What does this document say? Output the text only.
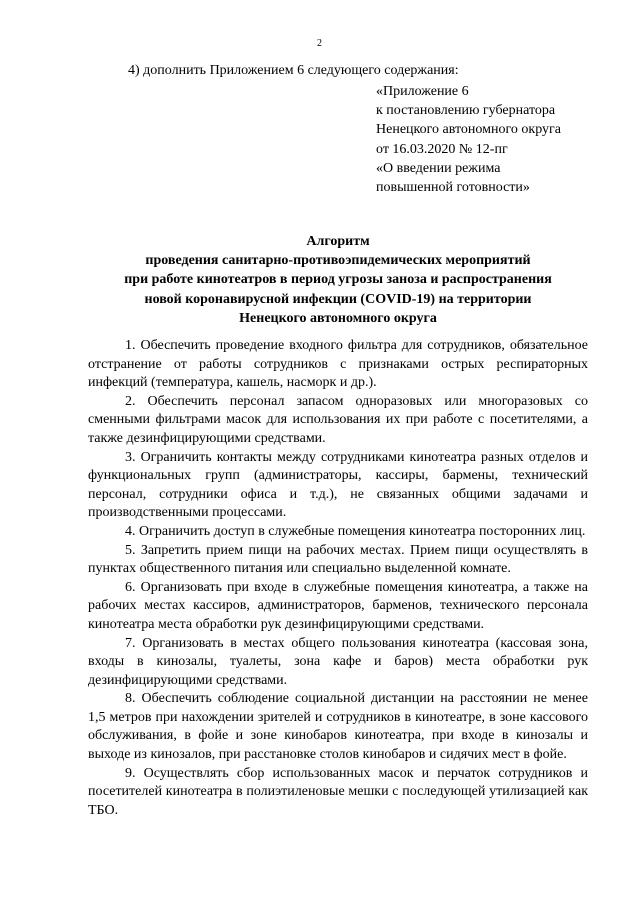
2
4) дополнить Приложением 6 следующего содержания:
«Приложение 6
к постановлению губернатора
Ненецкого автономного округа
от 16.03.2020 № 12-пг
«О введении режима
повышенной готовности»
Алгоритм
проведения санитарно-противоэпидемических мероприятий
при работе кинотеатров в период угрозы заноза и распространения
новой коронавирусной инфекции (COVID-19) на территории
Ненецкого автономного округа

1. Обеспечить проведение входного фильтра для сотрудников, обязательное отстранение от работы сотрудников с признаками острых респираторных инфекций (температура, кашель, насморк и др.).

2. Обеспечить персонал запасом одноразовых или многоразовых со сменными фильтрами масок для использования их при работе с посетителями, а также дезинфицирующими средствами.

3. Ограничить контакты между сотрудниками кинотеатра разных отделов и функциональных групп (администраторы, кассиры, бармены, технический персонал, сотрудники офиса и т.д.), не связанных общими задачами и производственными процессами.

4. Ограничить доступ в служебные помещения кинотеатра посторонних лиц.

5. Запретить прием пищи на рабочих местах. Прием пищи осуществлять в пунктах общественного питания или специально выделенной комнате.

6. Организовать при входе в служебные помещения кинотеатра, а также на рабочих местах кассиров, администраторов, барменов, технического персонала кинотеатра места обработки рук дезинфицирующими средствами.

7. Организовать в местах общего пользования кинотеатра (кассовая зона, входы в кинозалы, туалеты, зона кафе и баров) места обработки рук дезинфицирующими средствами.

8. Обеспечить соблюдение социальной дистанции на расстоянии не менее 1,5 метров при нахождении зрителей и сотрудников в кинотеатре, в зоне кассового обслуживания, в фойе и зоне кинобаров кинотеатра, при входе в кинозалы и выходе из кинозалов, при расстановке столов кинобаров и сидячих мест в фойе.

9. Осуществлять сбор использованных масок и перчаток сотрудников и посетителей кинотеатра в полиэтиленовые мешки с последующей утилизацией как ТБО.
